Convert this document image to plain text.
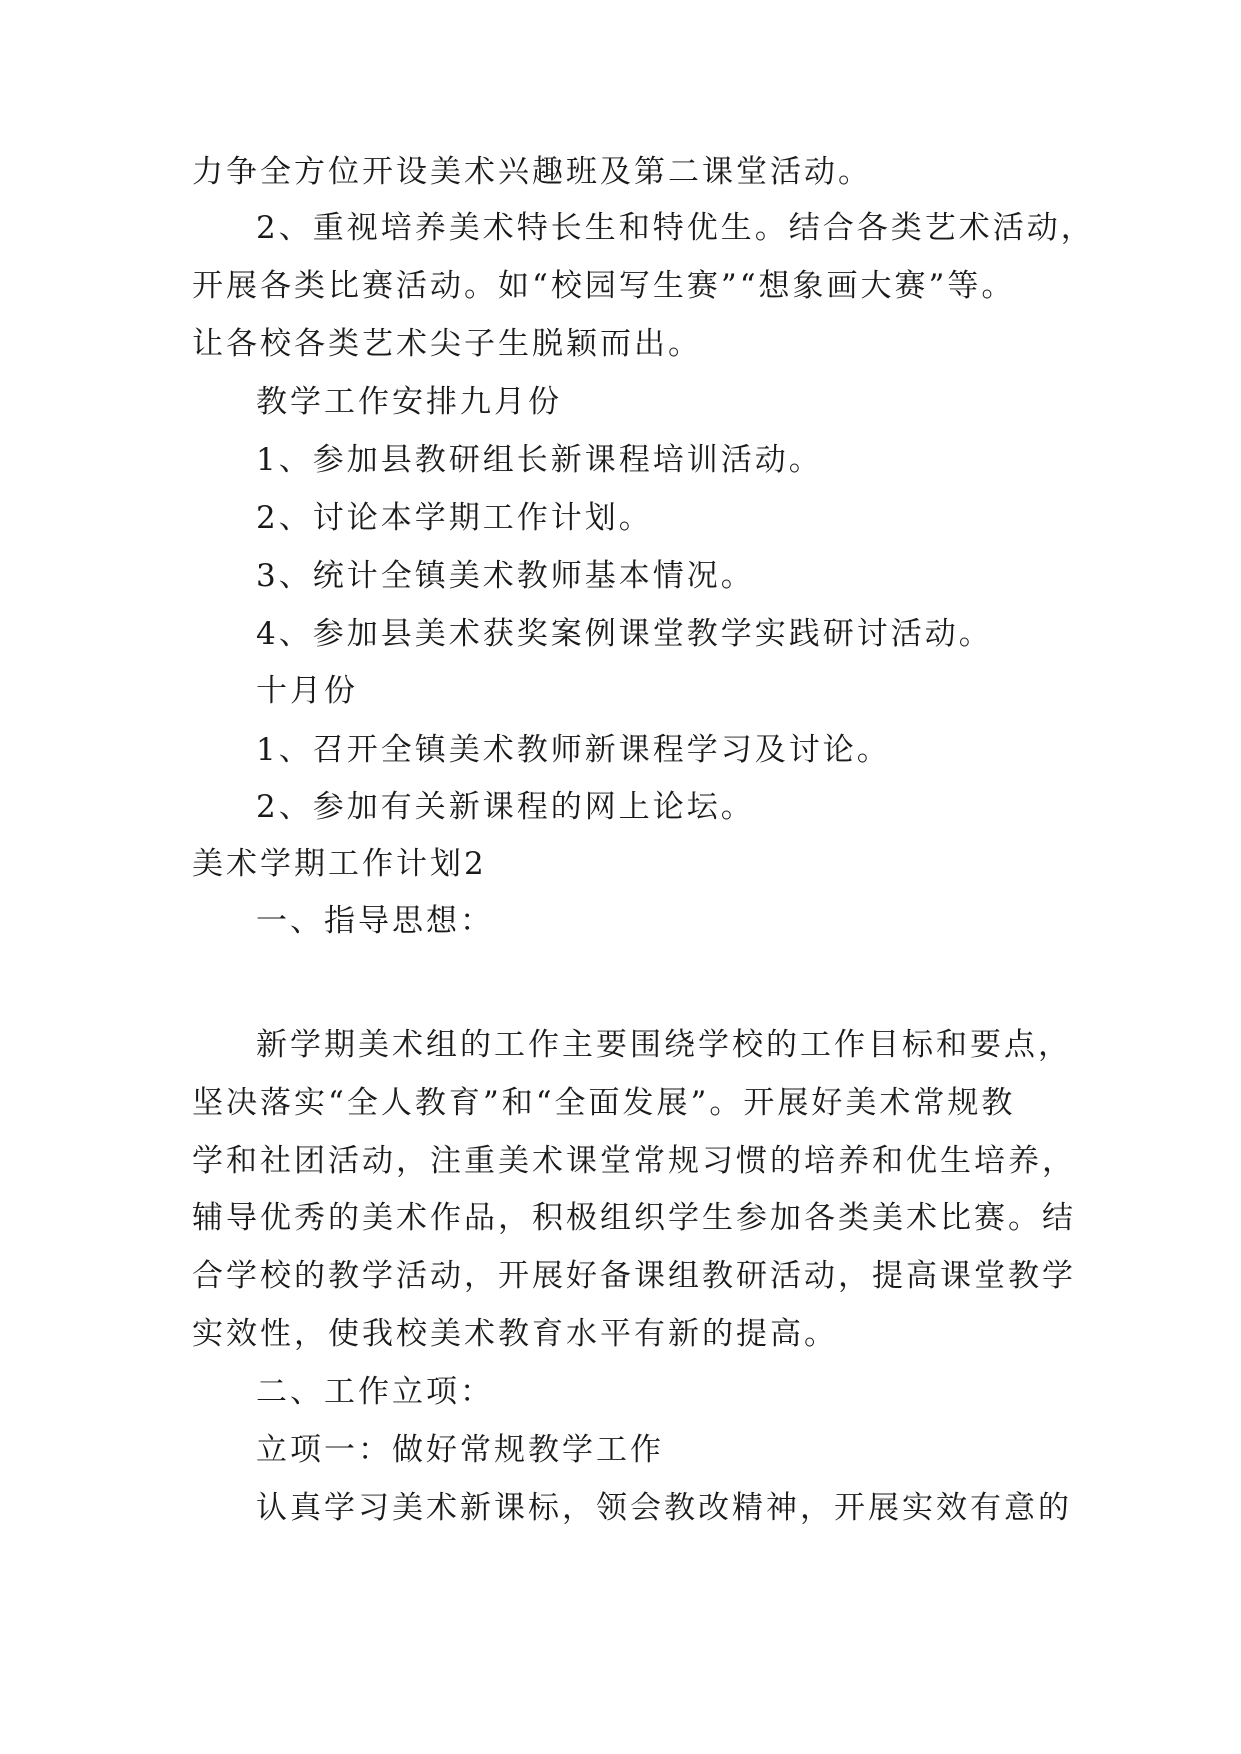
力争全方位开设美术兴趣班及第二课堂活动。
2、重视培养美术特长生和特优生。结合各类艺术活动，
开展各类比赛活动。如“校园写生赛”“想象画大赛”等。
让各校各类艺术尖子生脱颖而出。
教学工作安排九月份
1、参加县教研组长新课程培训活动。
2、讨论本学期工作计划。
3、统计全镇美术教师基本情况。
4、参加县美术获奖案例课堂教学实践研讨活动。
十月份
1、召开全镇美术教师新课程学习及讨论。
2、参加有关新课程的网上论坛。
美术学期工作计划2
一、指导思想：
新学期美术组的工作主要围绕学校的工作目标和要点，
坚决落实“全人教育”和“全面发展”。开展好美术常规教
学和社团活动，注重美术课堂常规习惯的培养和优生培养，
辅导优秀的美术作品，积极组织学生参加各类美术比赛。结
合学校的教学活动，开展好备课组教研活动，提高课堂教学
实效性，使我校美术教育水平有新的提高。
二、工作立项：
立项一：做好常规教学工作
认真学习美术新课标，领会教改精神，开展实效有意的
